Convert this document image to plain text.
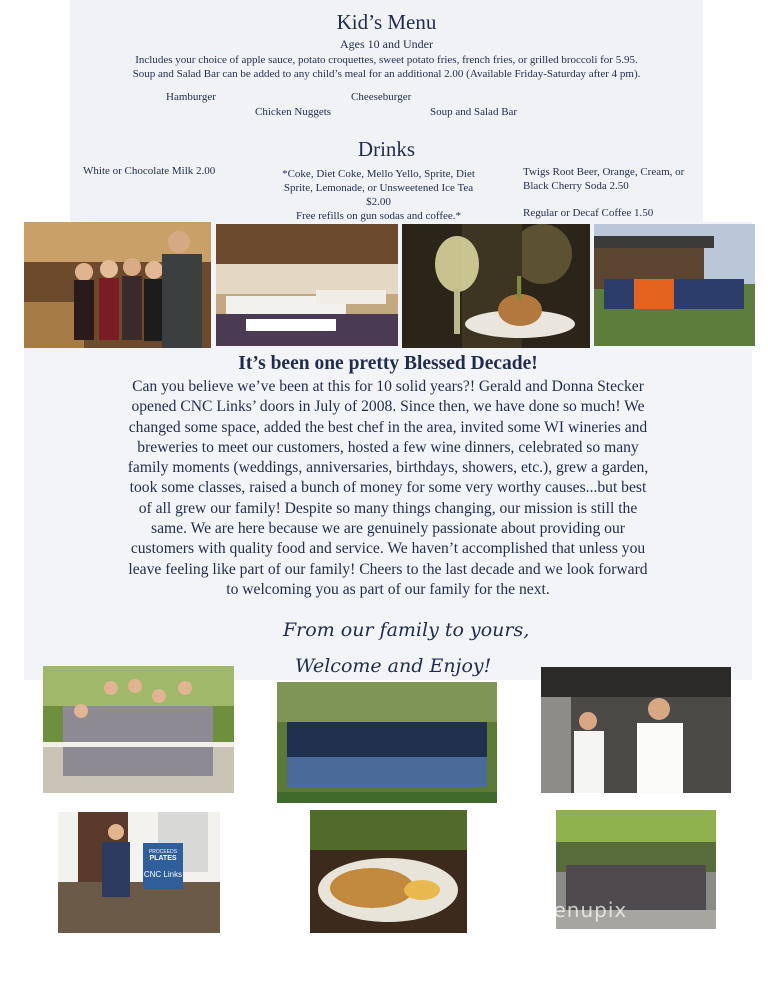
Kid’s Menu
Ages 10 and Under
Includes your choice of apple sauce, potato croquettes, sweet potato fries, french fries, or grilled broccoli for 5.95.
Soup and Salad Bar can be added to any child’s meal for an additional 2.00 (Available Friday-Saturday after 4 pm).
Hamburger	Cheeseburger
Chicken Nuggets	Soup and Salad Bar
Drinks
White or Chocolate Milk 2.00	*Coke, Diet Coke, Mello Yello, Sprite, Diet
Sprite, Lemonade, or Unsweetened Ice Tea
$2.00
Free refills on gun sodas and coffee.*
Twigs Root Beer, Orange, Cream, or
Black Cherry Soda 2.50
Regular or Decaf Coffee 1.50
It’s been one pretty Blessed Decade!
Can you believe we’ve been at this for 10 solid years?! Gerald and Donna Stecker
opened CNC Links’ doors in July of 2008. Since then, we have done so much! We
changed some space, added the best chef in the area, invited some WI wineries and
breweries to meet our customers, hosted a few wine dinners, celebrated so many
family moments (weddings, anniversaries, birthdays, showers, etc.), grew a garden,
took some classes, raised a bunch of money for some very worthy causes...but best
of all grew our family! Despite so many things changing, our mission is still the
same. We are here because we are genuinely passionate about providing our
customers with quality food and service. We haven’t accomplished that unless you
leave feeling like part of our family! Cheers to the last decade and we look forward
to welcoming you as part of our family for the next.
From our family to yours,
Welcome and Enjoy!
PROCEEDS
PLATES
CNC Links
menupix
